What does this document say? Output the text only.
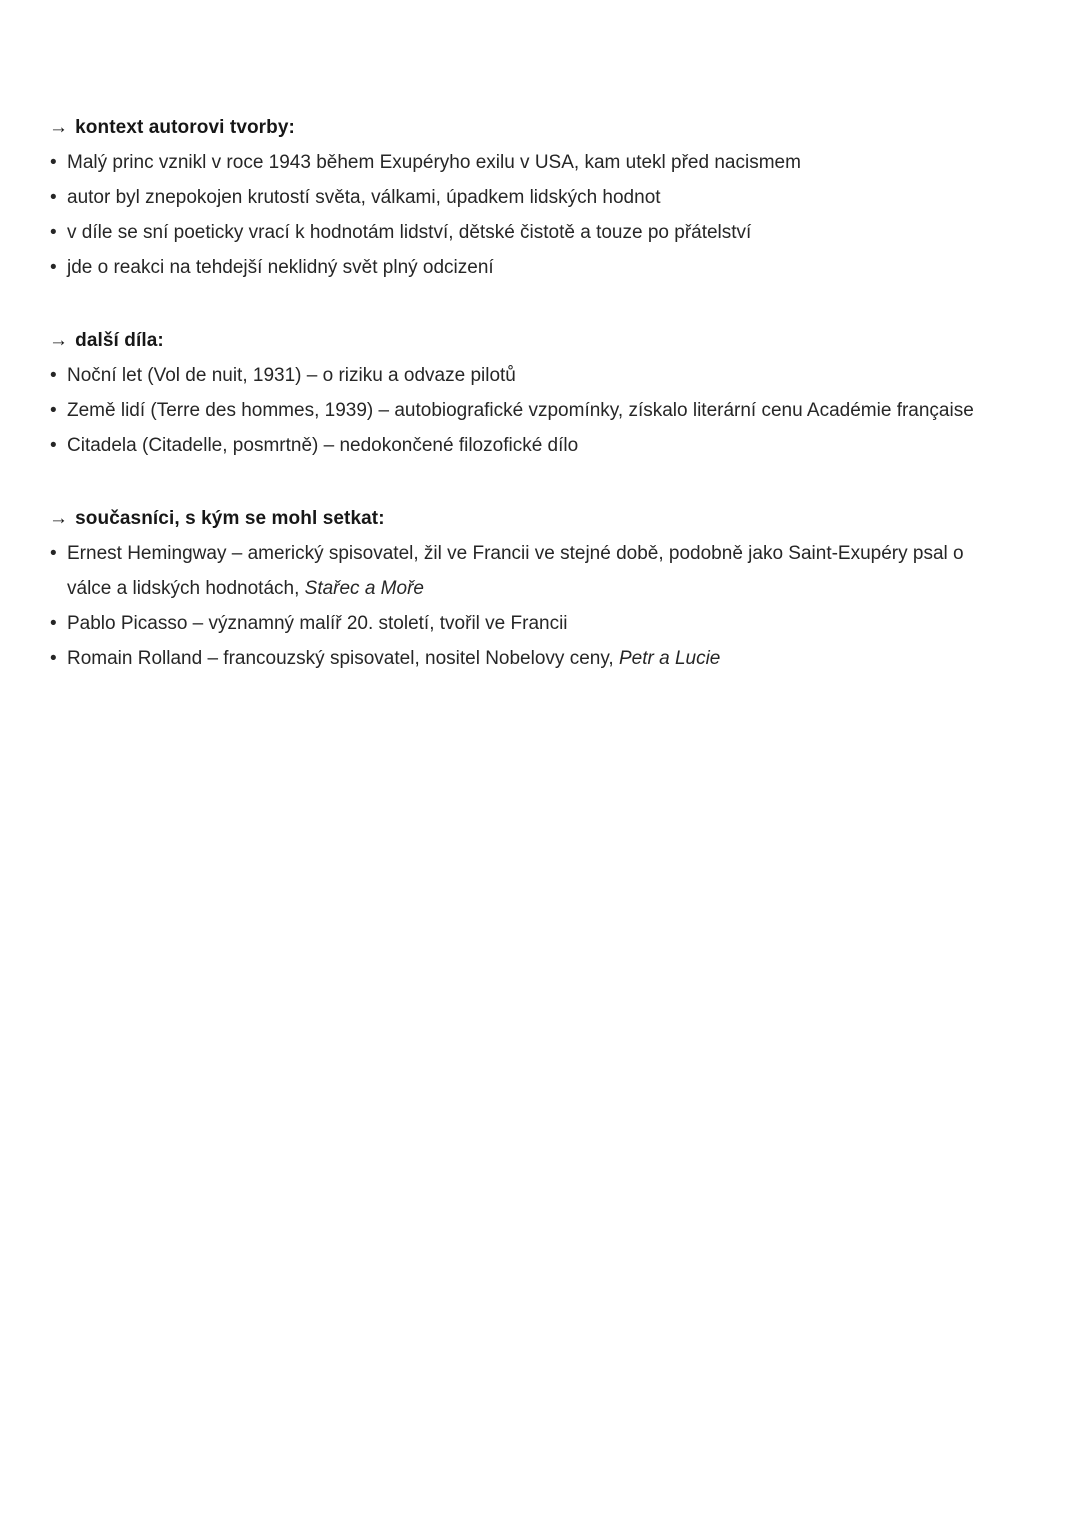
→ kontext autorovi tvorby:
• Malý princ vznikl v roce 1943 během Exupéryho exilu v USA, kam utekl před nacismem
• autor byl znepokojen krutostí světa, válkami, úpadkem lidských hodnot
• v díle se sní poeticky vrací k hodnotám lidství, dětské čistotě a touze po přátelství
• jde o reakci na tehdejší neklidný svět plný odcizení
→ další díla:
• Noční let (Vol de nuit, 1931) – o riziku a odvaze pilotů
• Země lidí (Terre des hommes, 1939) – autobiografické vzpomínky, získalo literární cenu Académie française
• Citadela (Citadelle, posmrtně) – nedokončené filozofické dílo
→ současníci, s kým se mohl setkat:
• Ernest Hemingway – americký spisovatel, žil ve Francii ve stejné době, podobně jako Saint-Exupéry psal o válce a lidských hodnotách, Stařec a Moře
• Pablo Picasso – významný malíř 20. století, tvořil ve Francii
• Romain Rolland – francouzský spisovatel, nositel Nobelovy ceny, Petr a Lucie
